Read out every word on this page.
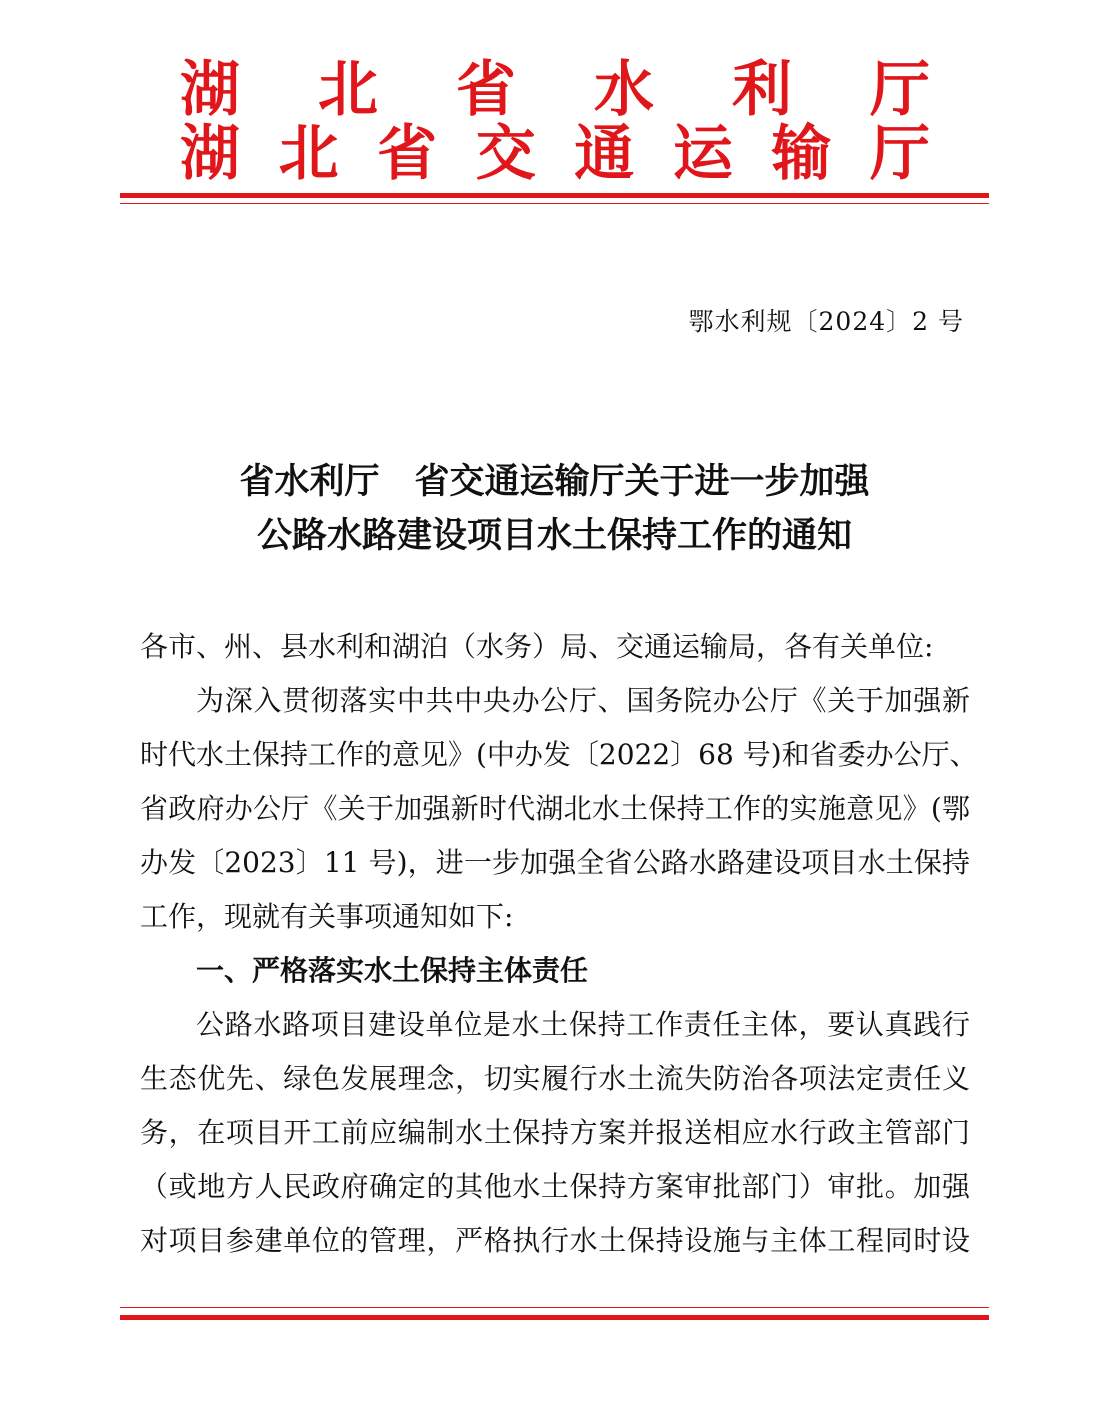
湖 北 省 水 利 厅
湖 北 省 交 通 运 输 厅
鄂水利规〔2024〕2 号
省水利厅　省交通运输厅关于进一步加强
公路水路建设项目水土保持工作的通知
各市、州、县水利和湖泊（水务）局、交通运输局，各有关单位:
为深入贯彻落实中共中央办公厅、国务院办公厅《关于加强新
时代水土保持工作的意见》(中办发〔2022〕68 号)和省委办公厅、
省政府办公厅《关于加强新时代湖北水土保持工作的实施意见》(鄂
办发〔2023〕11 号)，进一步加强全省公路水路建设项目水土保持
工作，现就有关事项通知如下:
一、严格落实水土保持主体责任
公路水路项目建设单位是水土保持工作责任主体，要认真践行
生态优先、绿色发展理念，切实履行水土流失防治各项法定责任义
务，在项目开工前应编制水土保持方案并报送相应水行政主管部门
（或地方人民政府确定的其他水土保持方案审批部门）审批。加强
对项目参建单位的管理，严格执行水土保持设施与主体工程同时设
